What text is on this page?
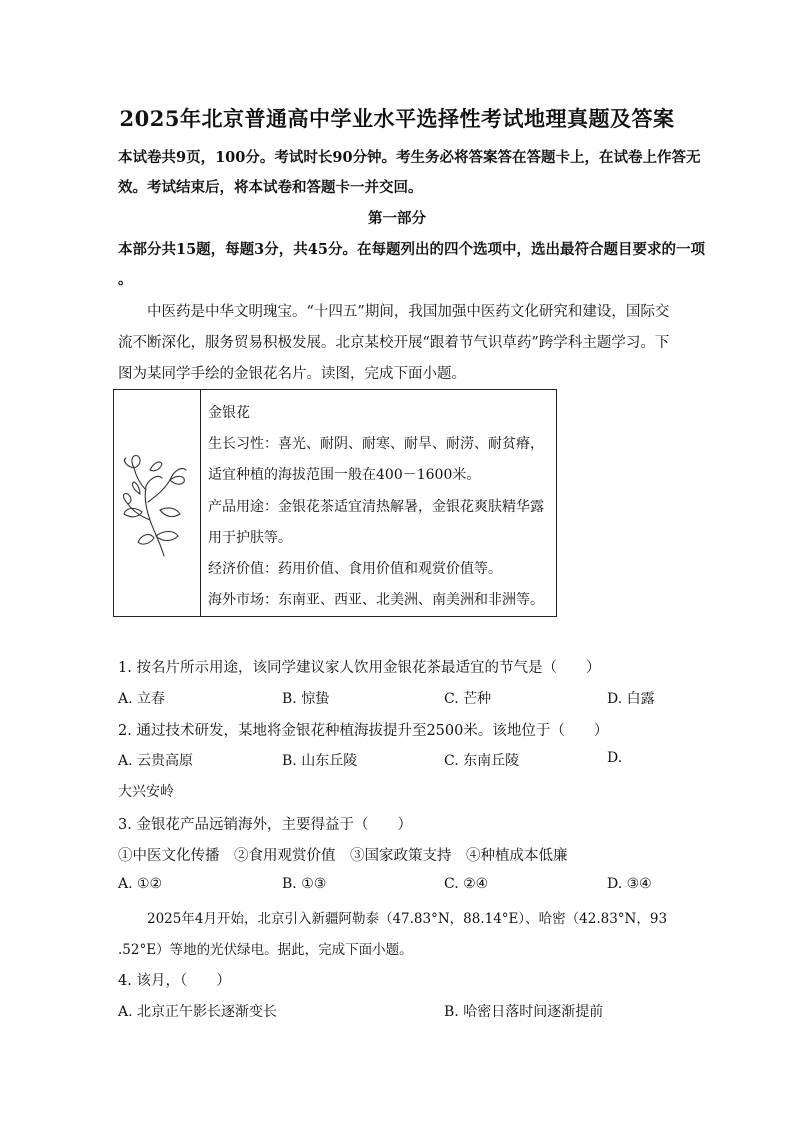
2025年北京普通高中学业水平选择性考试地理真题及答案
本试卷共9页，100分。考试时长90分钟。考生务必将答案答在答题卡上，在试卷上作答无
效。考试结束后，将本试卷和答题卡一并交回。
第一部分
本部分共15题，每题3分，共45分。在每题列出的四个选项中，选出最符合题目要求的一项
。
中医药是中华文明瑰宝。“十四五”期间，我国加强中医药文化研究和建设，国际交
流不断深化，服务贸易积极发展。北京某校开展“跟着节气识草药”跨学科主题学习。下
图为某同学手绘的金银花名片。读图，完成下面小题。
金银花
生长习性：喜光、耐阴、耐寒、耐旱、耐涝、耐贫瘠，
适宜种植的海拔范围一般在400－1600米。
产品用途：金银花茶适宜清热解暑，金银花爽肤精华露
用于护肤等。
经济价值：药用价值、食用价值和观赏价值等。
海外市场：东南亚、西亚、北美洲、南美洲和非洲等。
1. 按名片所示用途，该同学建议家人饮用金银花茶最适宜的节气是（　　）
A. 立春	B. 惊蛰	C. 芒种	D. 白露
2. 通过技术研发，某地将金银花种植海拔提升至2500米。该地位于（　　）
A. 云贵高原	B. 山东丘陵	C. 东南丘陵	D.
大兴安岭
3. 金银花产品远销海外，主要得益于（　　）
①中医文化传播　②食用观赏价值　③国家政策支持　④种植成本低廉
A. ①②	B. ①③	C. ②④	D. ③④
2025年4月开始，北京引入新疆阿勒泰（47.83°N，88.14°E）、哈密（42.83°N，93
.52°E）等地的光伏绿电。据此，完成下面小题。
4. 该月，（　　）
A. 北京正午影长逐渐变长	B. 哈密日落时间逐渐提前
